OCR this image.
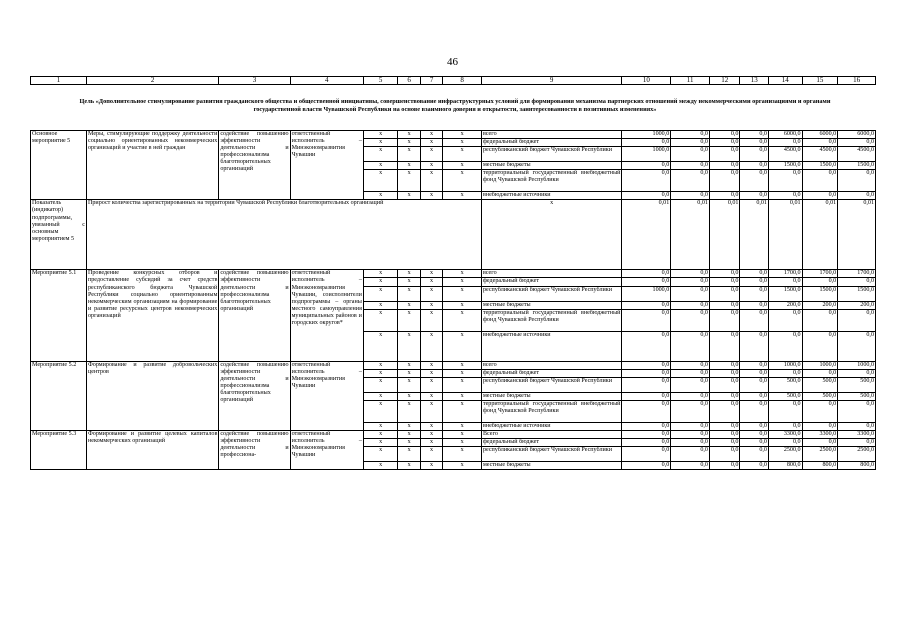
46
1	2	3	4	5	6	7	8	9	10	11	12	13	14	15	16
Цель «Дополнительное стимулирование развития гражданского общества и общественной инициативы, совершенствование инфраструктурных условий для формирования механизма партнерских отношений между некоммерческими организациями и органами государственной власти Чувашской Республики на основе взаимного доверия и открытости, заинтересованности в позитивных изменениях»
Основное мероприятие 5	Меры, стимулирующие поддержку деятельности социально ориентированных некоммерческих организаций и участие в ней граждан	содействие повышению эффективности деятельности и профессионализма благотворительных организаций	ответственный исполнитель – Минэкономразвития Чувашии	x	x	x	x	всего	1000,0	0,0	0,0	0,0	6000,0	6000,0	6000,0
				x	x	x	x	федеральный бюджет	0,0	0,0	0,0	0,0	0,0	0,0	0,0
				x	x	x	x	республиканский бюджет Чувашской Республики	1000,0	0,0	0,0	0,0	4500,0	4500,0	4500,0
				x	x	x	x	местные бюджеты	0,0	0,0	0,0	0,0	1500,0	1500,0	1500,0
				x	x	x	x	территориальный государственный внебюджетный фонд Чувашской Республики	0,0	0,0	0,0	0,0	0,0	0,0	0,0
				x	x	x	x	внебюджетные источники	0,0	0,0	0,0	0,0	0,0	0,0	0,0
Показатель (индикатор) подпрограммы, увязанный с основным мероприятием 5	Прирост количества зарегистрированных на территории Чувашской Республики благотворительных организаций							x	0,01	0,01	0,01	0,01	0,01	0,01	0,01
Мероприятие 5.1	Проведение конкурсных отборов и предоставление субсидий за счет средств республиканского бюджета Чувашской Республики социально ориентированным некоммерческим организациям на формирование и развитие ресурсных центров некоммерческих организаций	содействие повышению эффективности деятельности и профессионализма благотворительных организаций	ответственный исполнитель – Минэкономразвития Чувашии, соисполнители подпрограммы – органы местного самоуправления муниципальных районов и городских округов*	x	x	x	x	всего	0,0	0,0	0,0	0,0	1700,0	1700,0	1700,0
				x	x	x	x	федеральный бюджет	0,0	0,0	0,0	0,0	0,0	0,0	0,0
				x	x	x	x	республиканский бюджет Чувашской Республики	1000,0	0,0	0,0	0,0	1500,0	1500,0	1500,0
				x	x	x	x	местные бюджеты	0,0	0,0	0,0	0,0	200,0	200,0	200,0
				x	x	x	x	территориальный государственный внебюджетный фонд Чувашской Республики	0,0	0,0	0,0	0,0	0,0	0,0	0,0
				x	x	x	x	внебюджетные источники	0,0	0,0	0,0	0,0	0,0	0,0	0,0
Мероприятие 5.2	Формирование и развитие добровольческих центров	содействие повышению эффективности деятельности и профессионализма благотворительных организаций	ответственный исполнитель – Минэкономразвития Чувашии	x	x	x	x	всего	0,0	0,0	0,0	0,0	1000,0	1000,0	1000,0
				x	x	x	x	федеральный бюджет	0,0	0,0	0,0	0,0	0,0	0,0	0,0
				x	x	x	x	республиканский бюджет Чувашской Республики	0,0	0,0	0,0	0,0	500,0	500,0	500,0
				x	x	x	x	местные бюджеты	0,0	0,0	0,0	0,0	500,0	500,0	500,0
				x	x	x	x	территориальный государственный внебюджетный фонд Чувашской Республики	0,0	0,0	0,0	0,0	0,0	0,0	0,0
				x	x	x	x	внебюджетные источники	0,0	0,0	0,0	0,0	0,0	0,0	0,0
Мероприятие 5.3	Формирование и развитие целевых капиталов некоммерческих организаций	содействие повышению эффективности деятельности и профессиона-	ответственный исполнитель – Минэкономразвития Чувашии	x	x	x	x	Всего	0,0	0,0	0,0	0,0	3300,0	3300,0	3300,0
				x	x	x	x	федеральный бюджет	0,0	0,0	0,0	0,0	0,0	0,0	0,0
				x	x	x	x	республиканский бюджет Чувашской Республики	0,0	0,0	0,0	0,0	2500,0	2500,0	2500,0
				x	x	x	x	местные бюджеты	0,0	0,0	0,0	0,0	800,0	800,0	800,0
